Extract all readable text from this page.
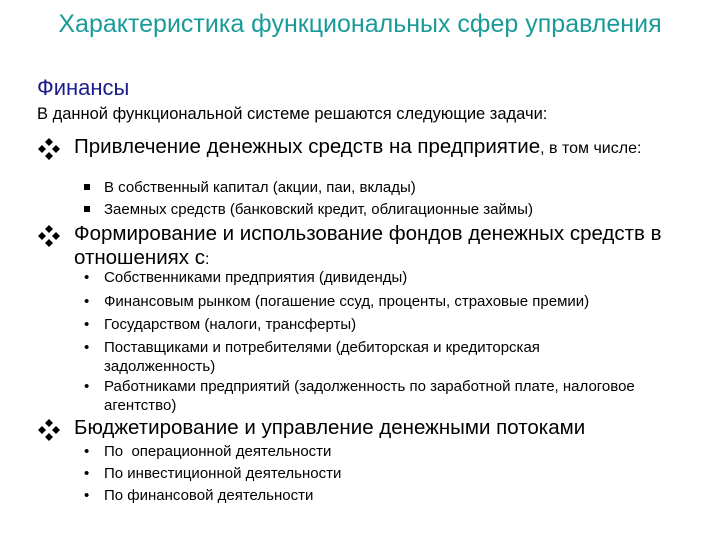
Характеристика функциональных сфер управления
Финансы
В данной функциональной системе решаются следующие задачи:
Привлечение денежных средств на предприятие, в том числе:
В собственный капитал (акции, паи, вклады)
Заемных средств (банковский кредит, облигационные займы)
Формирование и использование фондов денежных средств в отношениях с:
• Собственниками предприятия (дивиденды)
• Финансовым рынком (погашение ссуд, проценты, страховые премии)
• Государством (налоги, трансферты)
• Поставщиками и потребителями (дебиторская и кредиторская задолженность)
• Работниками предприятий (задолженность по заработной плате, налоговое агентство)
Бюджетирование и управление денежными потоками
• По  операционной деятельности
• По инвестиционной деятельности
• По финансовой деятельности
